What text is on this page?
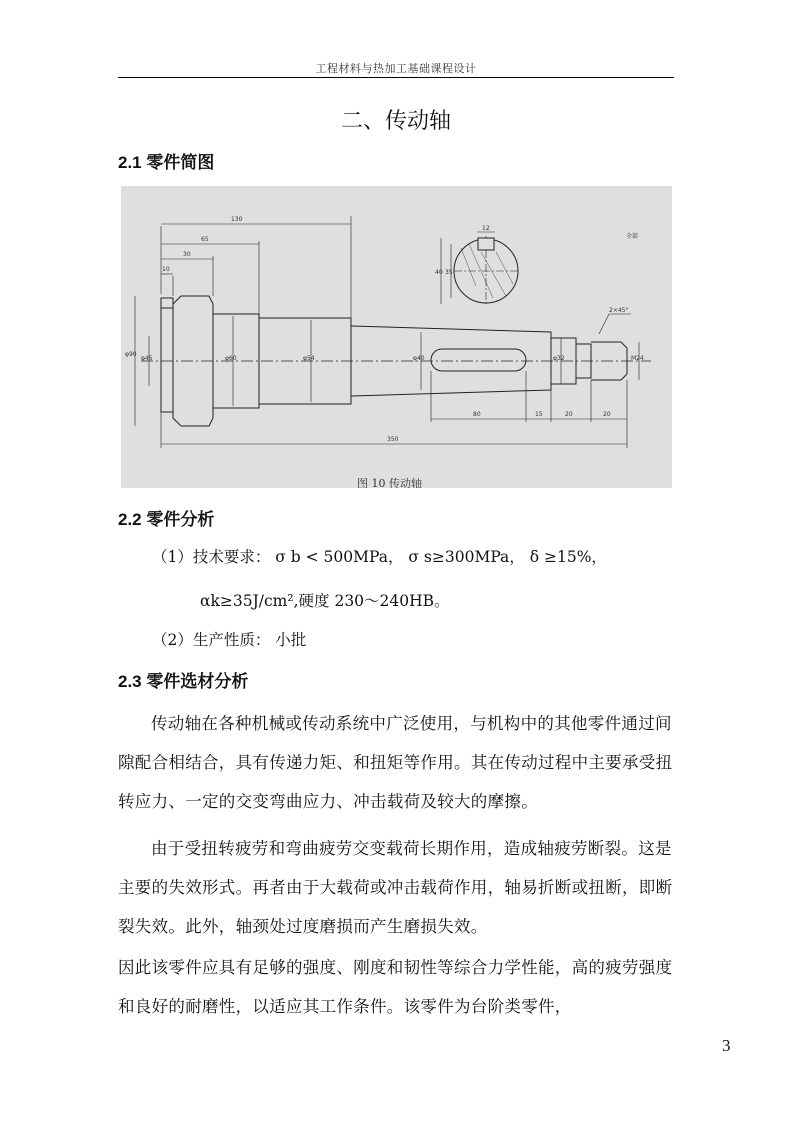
工程材料与热加工基础课程设计
二、传动轴
2.1 零件简图
130
65
30
10
φ90
φ45	φ60	φ54	φ40	φ32	M24
350
80	15	20	20
2×45°
12
40 35
全部
图 10 传动轴
2.2 零件分析
（1）技术要求： σ b < 500MPa， σ s≥300MPa， δ ≥15%，
αk≥35J/cm²,硬度 230～240HB。
（2）生产性质： 小批
2.3 零件选材分析
传动轴在各种机械或传动系统中广泛使用，与机构中的其他零件通过间隙配合相结合，具有传递力矩、和扭矩等作用。其在传动过程中主要承受扭转应力、一定的交变弯曲应力、冲击载荷及较大的摩擦。
由于受扭转疲劳和弯曲疲劳交变载荷长期作用，造成轴疲劳断裂。这是主要的失效形式。再者由于大载荷或冲击载荷作用，轴易折断或扭断，即断裂失效。此外，轴颈处过度磨损而产生磨损失效。
因此该零件应具有足够的强度、刚度和韧性等综合力学性能，高的疲劳强度和良好的耐磨性，以适应其工作条件。该零件为台阶类零件，
3
